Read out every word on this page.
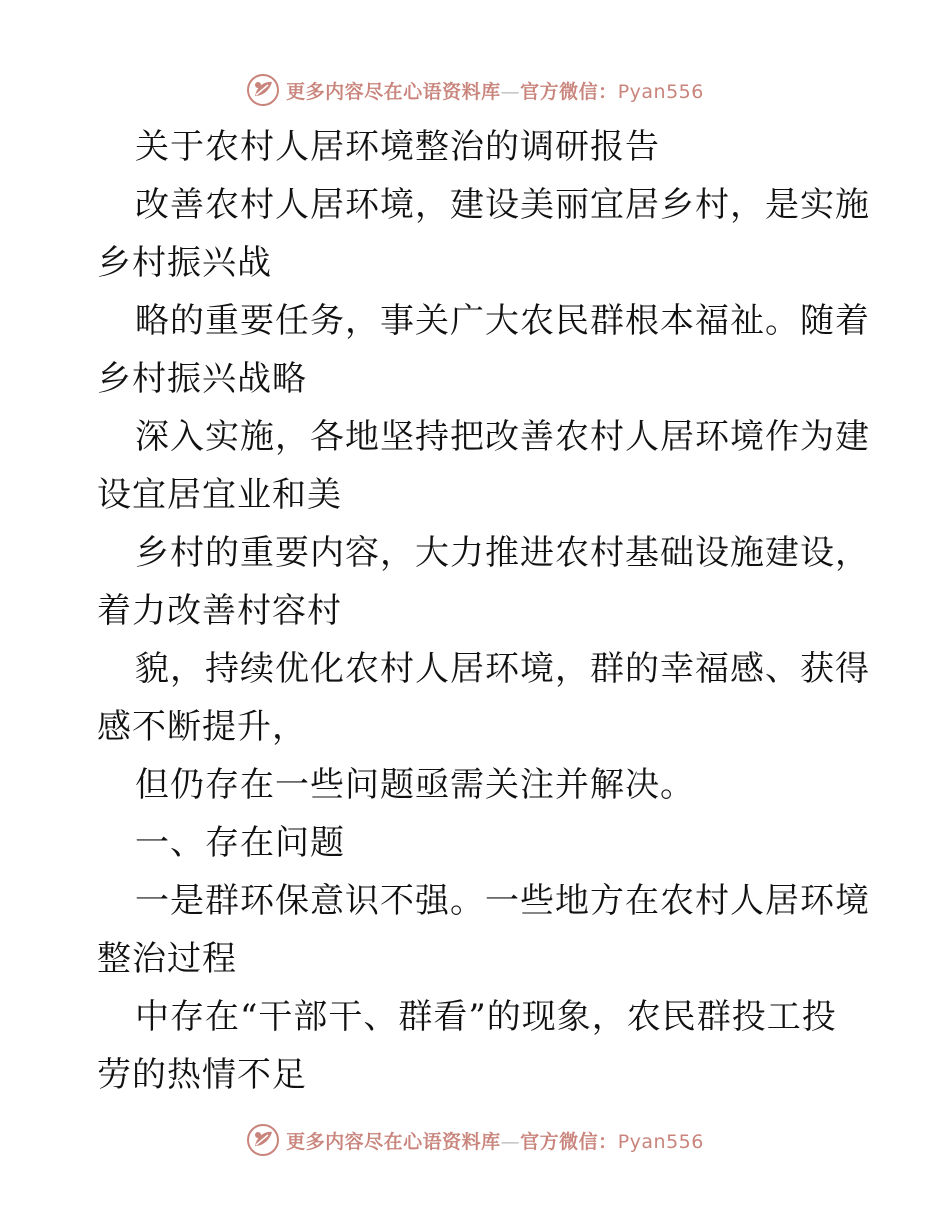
更多内容尽在心语资料库—官方微信：Pyan556
关于农村人居环境整治的调研报告
改善农村人居环境，建设美丽宜居乡村，是实施
乡村振兴战
略的重要任务，事关广大农民群根本福祉。随着
乡村振兴战略
深入实施，各地坚持把改善农村人居环境作为建
设宜居宜业和美
乡村的重要内容，大力推进农村基础设施建设，
着力改善村容村
貌，持续优化农村人居环境，群的幸福感、获得
感不断提升，
但仍存在一些问题亟需关注并解决。
一、存在问题
一是群环保意识不强。一些地方在农村人居环境
整治过程
中存在“干部干、群看”的现象，农民群投工投
劳的热情不足
更多内容尽在心语资料库—官方微信：Pyan556
